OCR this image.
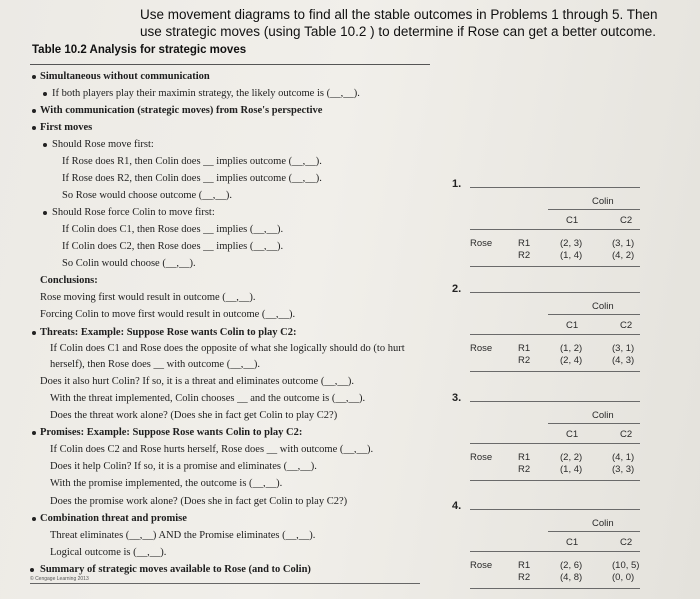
Use movement diagrams to find all the stable outcomes in Problems 1 through 5. Then use strategic moves (using Table 10.2 ) to determine if Rose can get a better outcome.
Table 10.2 Analysis for strategic moves
Simultaneous without communication
If both players play their maximin strategy, the likely outcome is (__,__).
With communication (strategic moves) from Rose's perspective
First moves
Should Rose move first:
If Rose does R1, then Colin does __ implies outcome (__,__).
If Rose does R2, then Colin does __ implies outcome (__,__).
So Rose would choose outcome (__,__).
Should Rose force Colin to move first:
If Colin does C1, then Rose does __ implies (__,__).
If Colin does C2, then Rose does __ implies (__,__).
So Colin would choose (__,__).
Conclusions:
Rose moving first would result in outcome (__,__).
Forcing Colin to move first would result in outcome (__,__).
Threats: Example: Suppose Rose wants Colin to play C2:
If Colin does C1 and Rose does the opposite of what she logically should do (to hurt
herself), then Rose does __ with outcome (__,__).
Does it also hurt Colin? If so, it is a threat and eliminates outcome (__,__).
With the threat implemented, Colin chooses __ and the outcome is (__,__).
Does the threat work alone? (Does she in fact get Colin to play C2?)
Promises: Example: Suppose Rose wants Colin to play C2:
If Colin does C2 and Rose hurts herself, Rose does __ with outcome (__,__).
Does it help Colin? If so, it is a promise and eliminates (__,__).
With the promise implemented, the outcome is (__,__).
Does the promise work alone? (Does she in fact get Colin to play C2?)
Combination threat and promise
Threat eliminates (__,__) AND the Promise eliminates (__,__).
Logical outcome is (__,__).
Summary of strategic moves available to Rose (and to Colin)
© Cengage Learning 2013
1.
Colin
C1	C2
Rose	R1	(2, 3)	(3, 1)
R2	(1, 4)	(4, 2)
2.
Colin
C1	C2
Rose	R1	(1, 2)	(3, 1)
R2	(2, 4)	(4, 3)
3.
Colin
C1	C2
Rose	R1	(2, 2)	(4, 1)
R2	(1, 4)	(3, 3)
4.
Colin
C1	C2
Rose	R1	(2, 6)	(10, 5)
R2	(4, 8)	(0, 0)
